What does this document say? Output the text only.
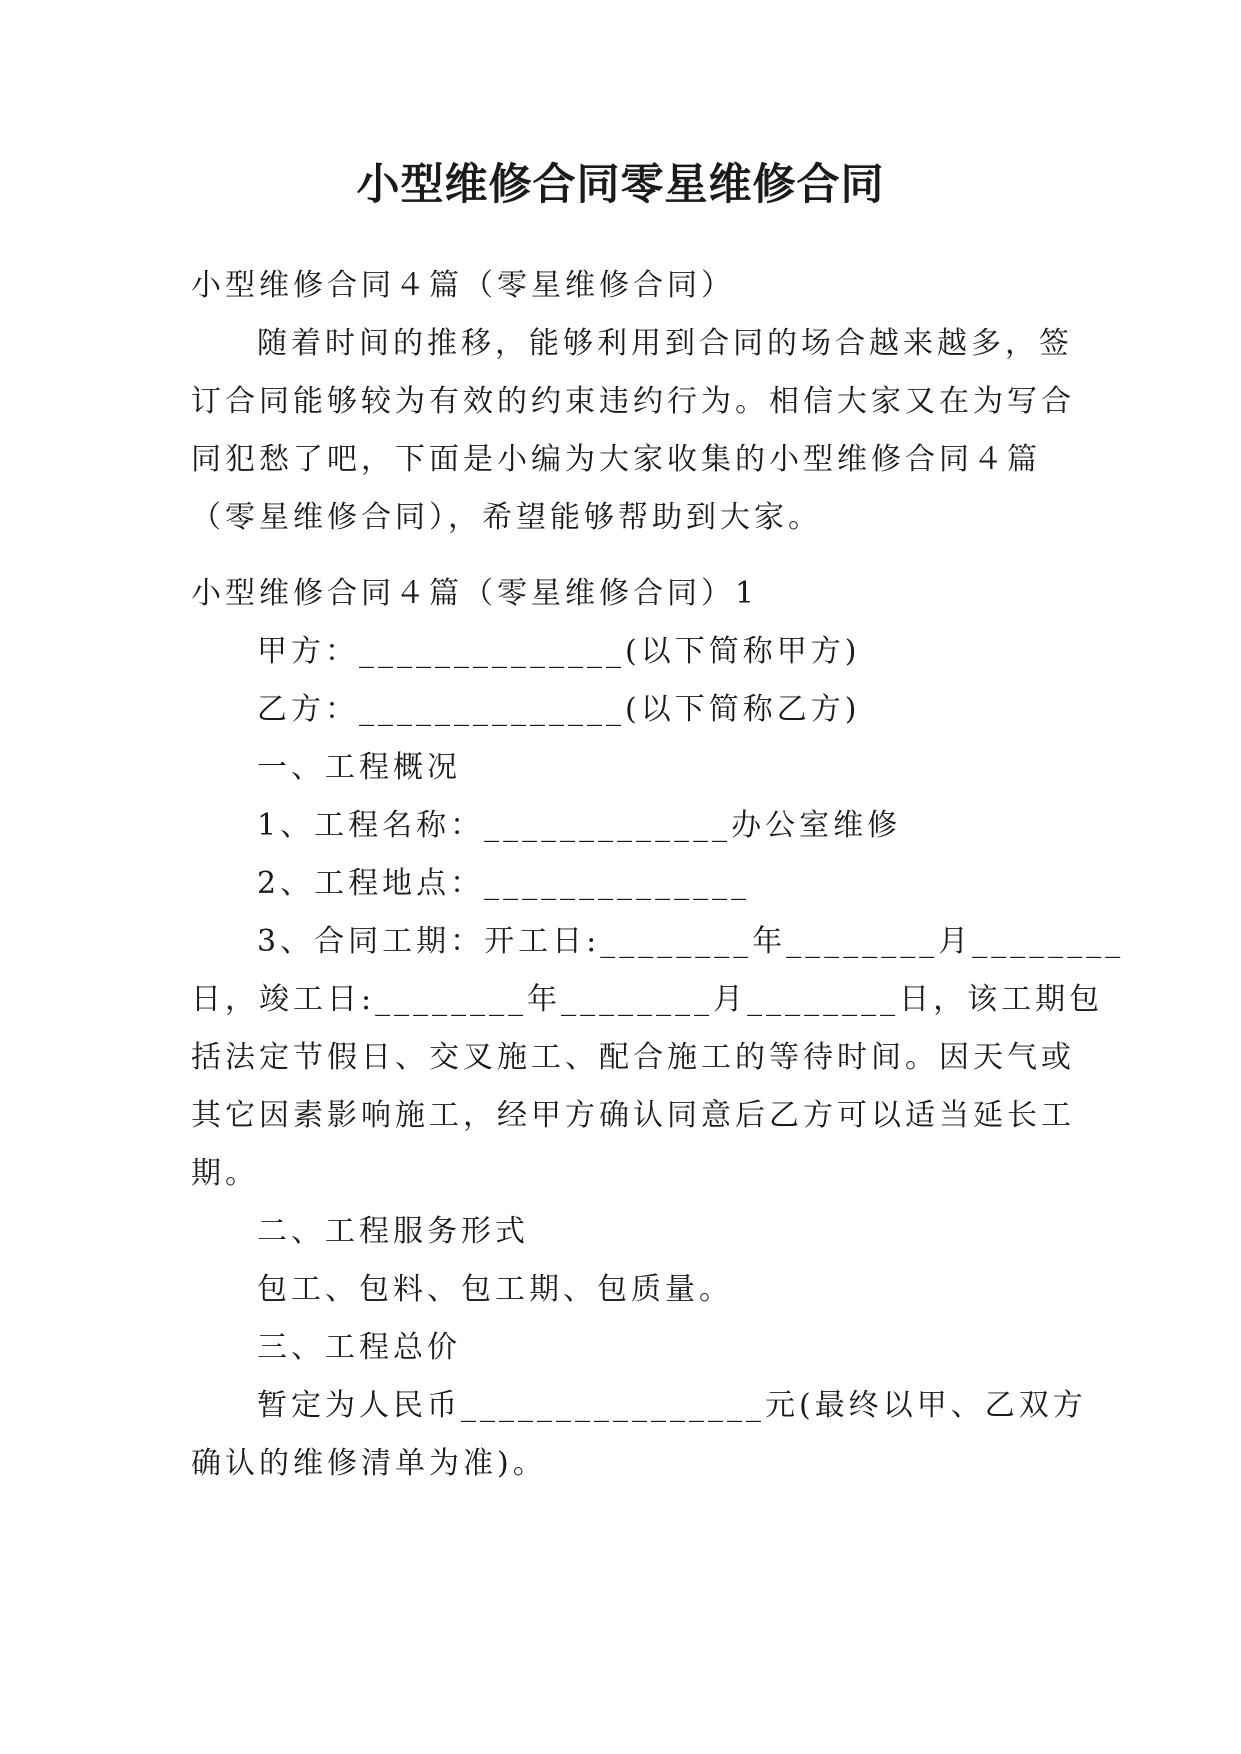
小型维修合同零星维修合同
小型维修合同４篇（零星维修合同）
随着时间的推移，能够利用到合同的场合越来越多，签
订合同能够较为有效的约束违约行为。相信大家又在为写合
同犯愁了吧，下面是小编为大家收集的小型维修合同４篇
（零星维修合同），希望能够帮助到大家。
小型维修合同４篇（零星维修合同）1
甲方：______________(以下简称甲方)
乙方：______________(以下简称乙方)
一、工程概况
1、工程名称：_____________办公室维修
2、工程地点：______________
3、合同工期：开工日:________年________月________
日，竣工日:________年________月________日，该工期包
括法定节假日、交叉施工、配合施工的等待时间。因天气或
其它因素影响施工，经甲方确认同意后乙方可以适当延长工
期。
二、工程服务形式
包工、包料、包工期、包质量。
三、工程总价
暂定为人民币________________元(最终以甲、乙双方
确认的维修清单为准)。
